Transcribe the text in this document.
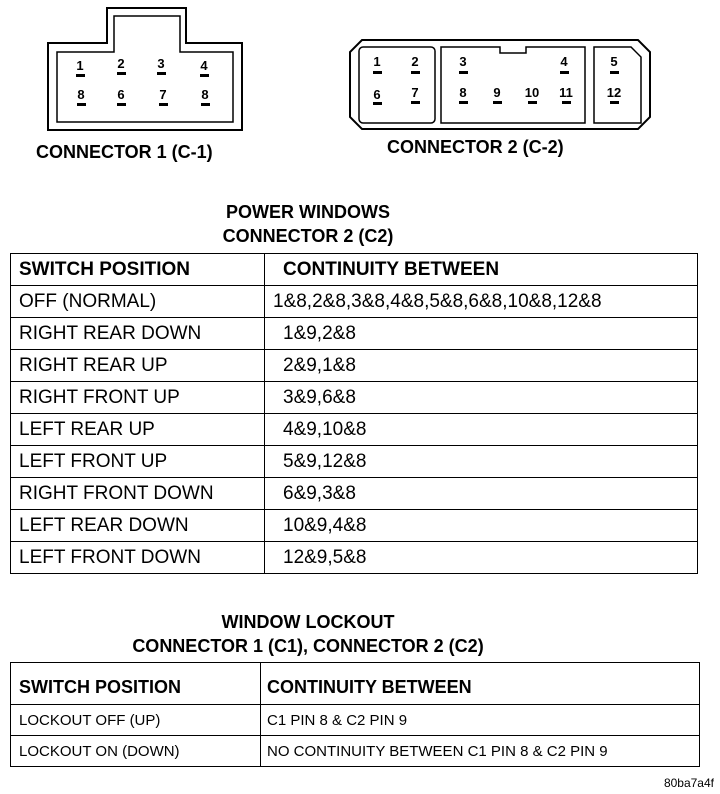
1	2	3	4
8	6	7	8
CONNECTOR 1 (C-1)
1	2
6	7
3	4
8	9	10 11
5
12
CONNECTOR 2 (C-2)
POWER WINDOWS
CONNECTOR 2 (C2)
SWITCH POSITION	CONTINUITY BETWEEN
OFF (NORMAL)	1&8,2&8,3&8,4&8,5&8,6&8,10&8,12&8
RIGHT REAR DOWN	1&9,2&8
RIGHT REAR UP	2&9,1&8
RIGHT FRONT UP	3&9,6&8
LEFT REAR UP	4&9,10&8
LEFT FRONT UP	5&9,12&8
RIGHT FRONT DOWN	6&9,3&8
LEFT REAR DOWN	10&9,4&8
LEFT FRONT DOWN	12&9,5&8
WINDOW LOCKOUT
CONNECTOR 1 (C1), CONNECTOR 2 (C2)
SWITCH POSITION	CONTINUITY BETWEEN
LOCKOUT OFF (UP)	C1 PIN 8 & C2 PIN 9
LOCKOUT ON (DOWN)	NO CONTINUITY BETWEEN C1 PIN 8 & C2 PIN 9
80ba7a4f
